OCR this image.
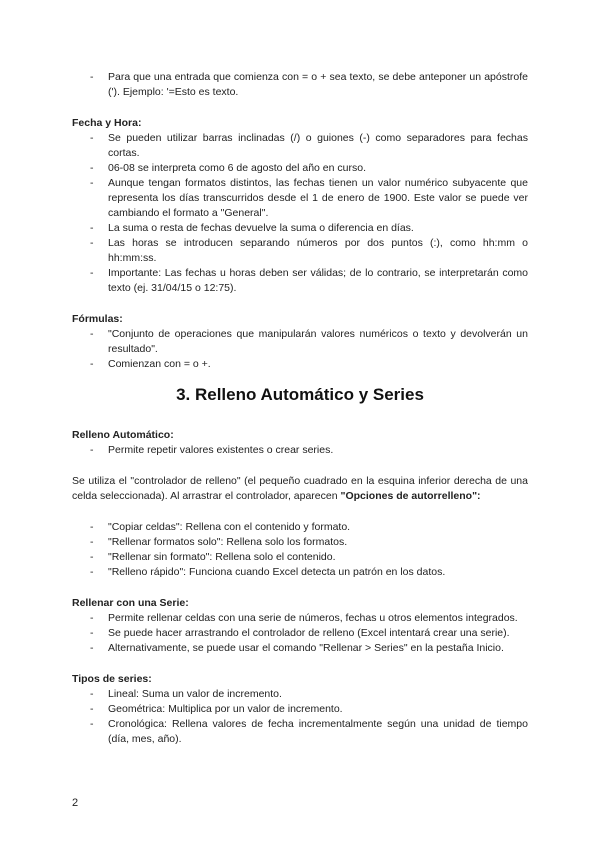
- Para que una entrada que comienza con = o + sea texto, se debe anteponer un apóstrofe ('). Ejemplo: '=Esto es texto.

Fecha y Hora:

- Se pueden utilizar barras inclinadas (/) o guiones (-) como separadores para fechas cortas.
- 06-08 se interpreta como 6 de agosto del año en curso.
- Aunque tengan formatos distintos, las fechas tienen un valor numérico subyacente que representa los días transcurridos desde el 1 de enero de 1900. Este valor se puede ver cambiando el formato a "General".
- La suma o resta de fechas devuelve la suma o diferencia en días.
- Las horas se introducen separando números por dos puntos (:), como hh:mm o hh:mm:ss.
- Importante: Las fechas u horas deben ser válidas; de lo contrario, se interpretarán como texto (ej. 31/04/15 o 12:75).

Fórmulas:

- "Conjunto de operaciones que manipularán valores numéricos o texto y devolverán un resultado".
- Comienzan con = o +.
3. Relleno Automático y Series

Relleno Automático:

- Permite repetir valores existentes o crear series.

Se utiliza el "controlador de relleno" (el pequeño cuadrado en la esquina inferior derecha de una celda seleccionada). Al arrastrar el controlador, aparecen "Opciones de autorrelleno":

- "Copiar celdas": Rellena con el contenido y formato.
- "Rellenar formatos solo": Rellena solo los formatos.
- "Rellenar sin formato": Rellena solo el contenido.
- "Relleno rápido": Funciona cuando Excel detecta un patrón en los datos.

Rellenar con una Serie:

- Permite rellenar celdas con una serie de números, fechas u otros elementos integrados.
- Se puede hacer arrastrando el controlador de relleno (Excel intentará crear una serie).
- Alternativamente, se puede usar el comando "Rellenar > Series" en la pestaña Inicio.

Tipos de series:

- Lineal: Suma un valor de incremento.
- Geométrica: Multiplica por un valor de incremento.
- Cronológica: Rellena valores de fecha incrementalmente según una unidad de tiempo (día, mes, año).
2
